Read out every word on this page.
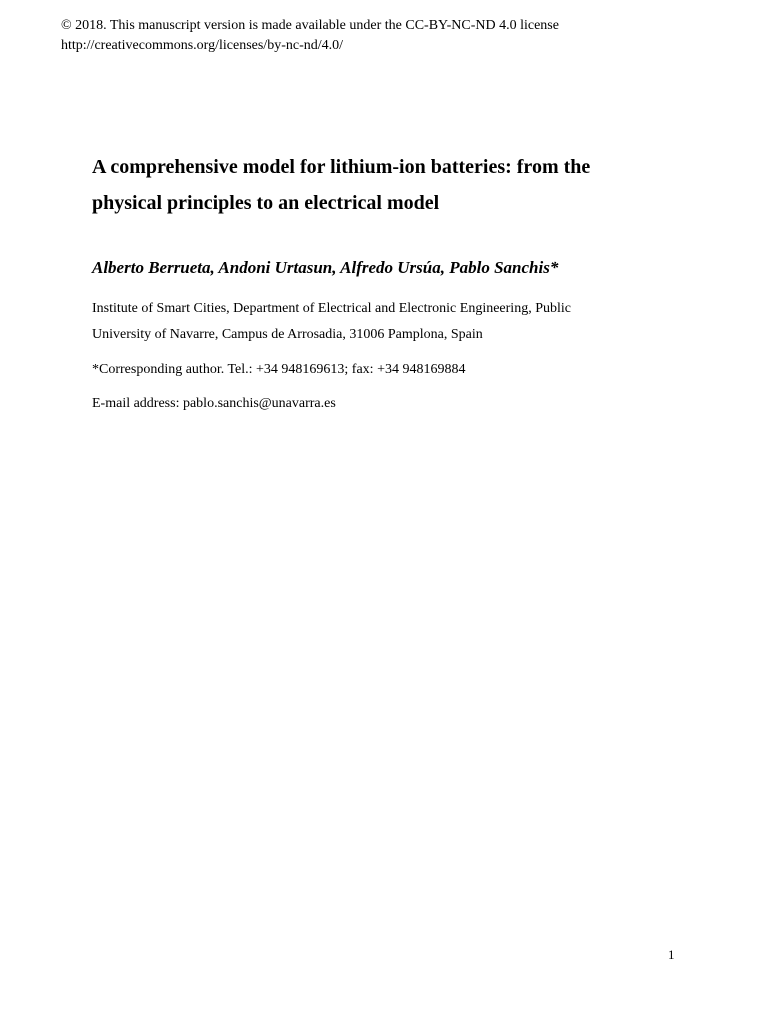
© 2018. This manuscript version is made available under the CC-BY-NC-ND 4.0 license
http://creativecommons.org/licenses/by-nc-nd/4.0/
A comprehensive model for lithium-ion batteries: from the
physical principles to an electrical model
Alberto Berrueta, Andoni Urtasun, Alfredo Ursúa, Pablo Sanchis*
Institute of Smart Cities, Department of Electrical and Electronic Engineering, Public
University of Navarre, Campus de Arrosadia, 31006 Pamplona, Spain
*Corresponding author. Tel.: +34 948169613; fax: +34 948169884
E-mail address: pablo.sanchis@unavarra.es
1
